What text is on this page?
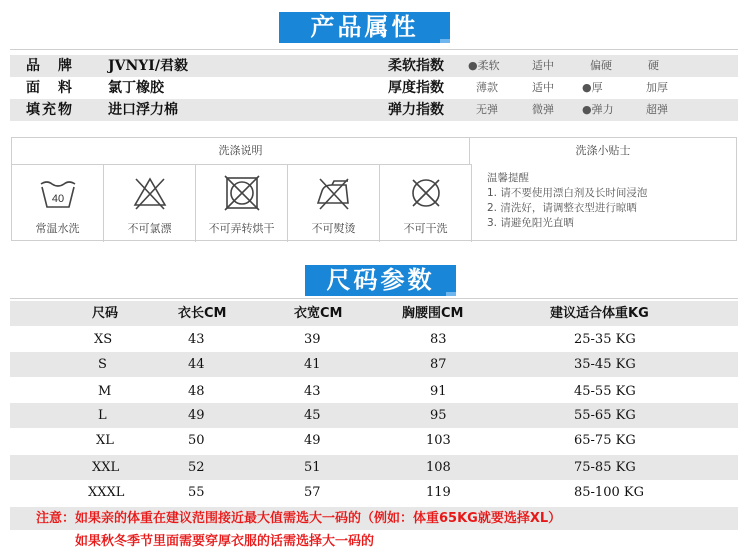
产品属性
品　牌 JVNYI/君毅	柔软指数 ●柔软	适中	偏硬	硬
面　料 氯丁橡胶	厚度指数	薄款	适中	●厚	加厚
填充物 进口浮力棉	弹力指数	无弹	微弹	●弹力	超弹
洗涤说明	洗涤小贴士
40
常温水洗	不可氯漂	不可弄转烘干	不可熨烫	不可干洗
温馨提醒
1. 请不要使用漂白剂及长时间浸泡
2. 清洗好，请调整衣型进行晾晒
3. 请避免阳光直晒
尺码参数
尺码	衣长CM	衣宽CM	胸腰围CM	建议适合体重KG
XS	43	39	83	25-35 KG
S	44	41	87	35-45 KG
M	48	43	91	45-55 KG
L	49	45	95	55-65 KG
XL	50	49	103	65-75 KG
XXL	52	51	108	75-85 KG
XXXL	55	57	119	85-100 KG
注意：如果亲的体重在建议范围接近最大值需选大一码的（例如：体重65KG就要选择XL）
　　　如果秋冬季节里面需要穿厚衣服的话需选择大一码的
